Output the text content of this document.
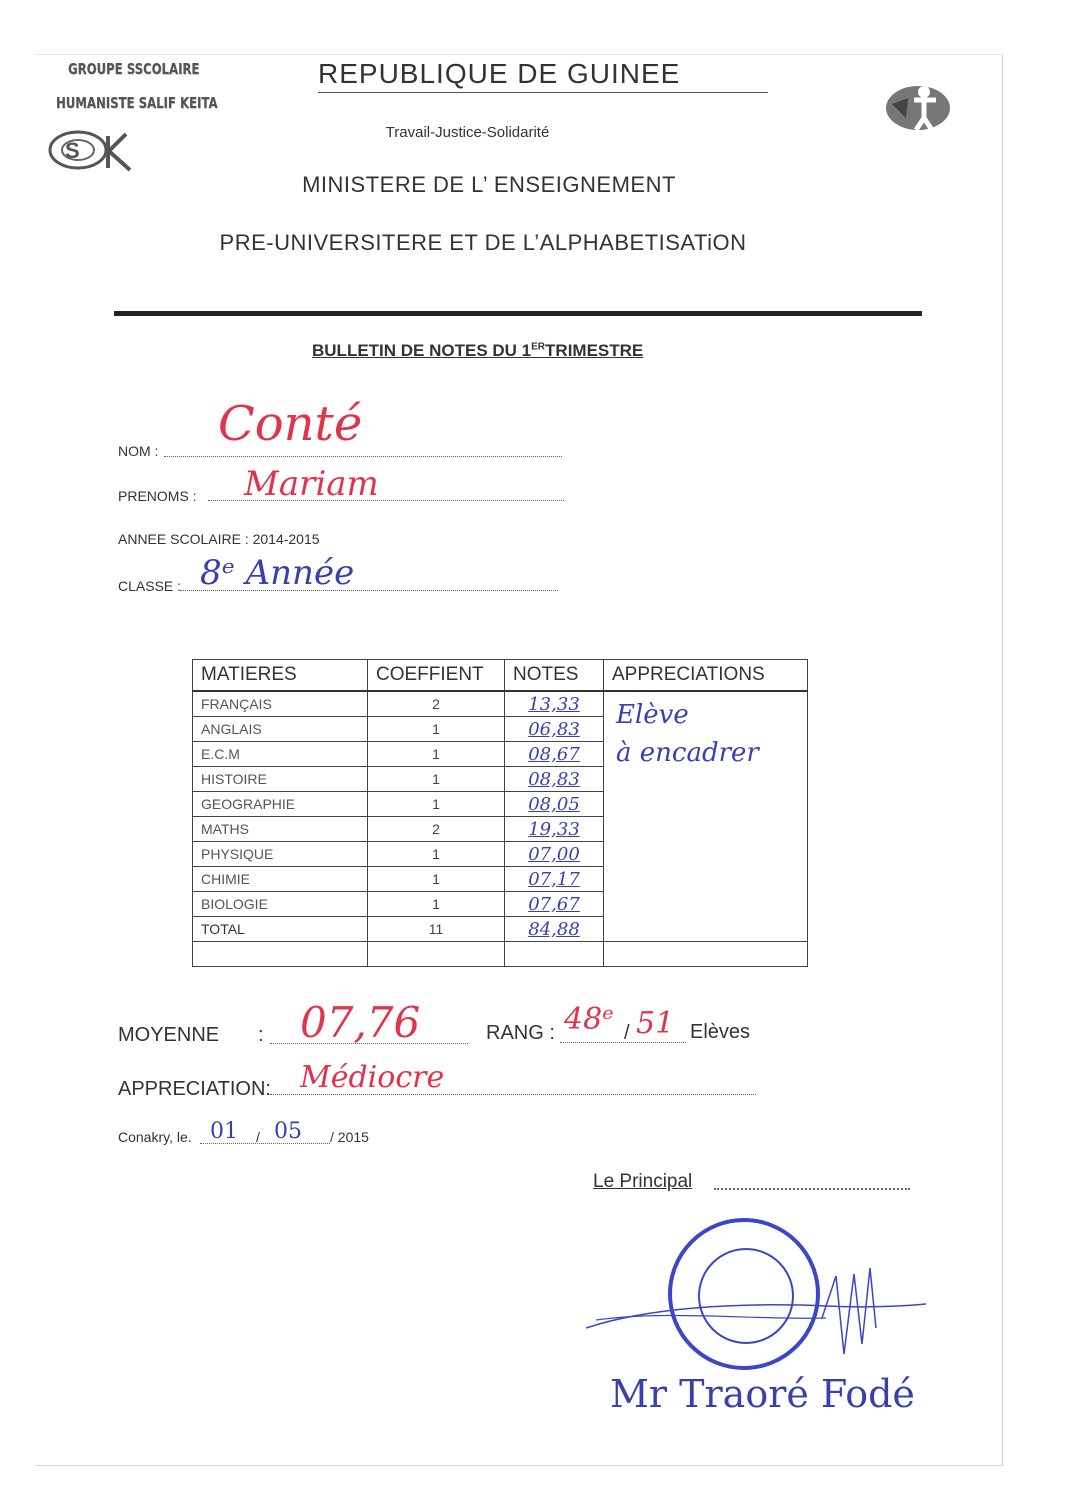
GROUPE SSCOLAIRE
HUMANISTE SALIF KEITA
S
REPUBLIQUE DE GUINEE
Travail-Justice-Solidarité
MINISTERE DE L’ ENSEIGNEMENT
PRE-UNIVERSITERE ET DE L’ALPHABETISATiON
BULLETIN DE NOTES DU 1ERTRIMESTRE
NOM : Conté
PRENOMS : Mariam
ANNEE SCOLAIRE : 2014-2015
CLASSE : 8ᵉ Année
MATIERES	COEFFIENT	NOTES	APPRECIATIONS
FRANÇAIS	2	13,33	Elève
à encadrer

ANGLAIS	1	06,83	
E.C.M	1	08,67	
HISTOIRE	1	08,83	
GEOGRAPHIE	1	08,05	
MATHS	2	19,33	
PHYSIQUE	1	07,00	
CHIMIE	1	07,17	
BIOLOGIE	1	07,67	
TOTAL	11	84,88	

MOYENNE : 07,76	RANG : 48ᵉ / 51 Elèves
APPRECIATION: Médiocre
Conakry, le. 01 / 05 / 2015
Le Principal
Mr Traoré Fodé
